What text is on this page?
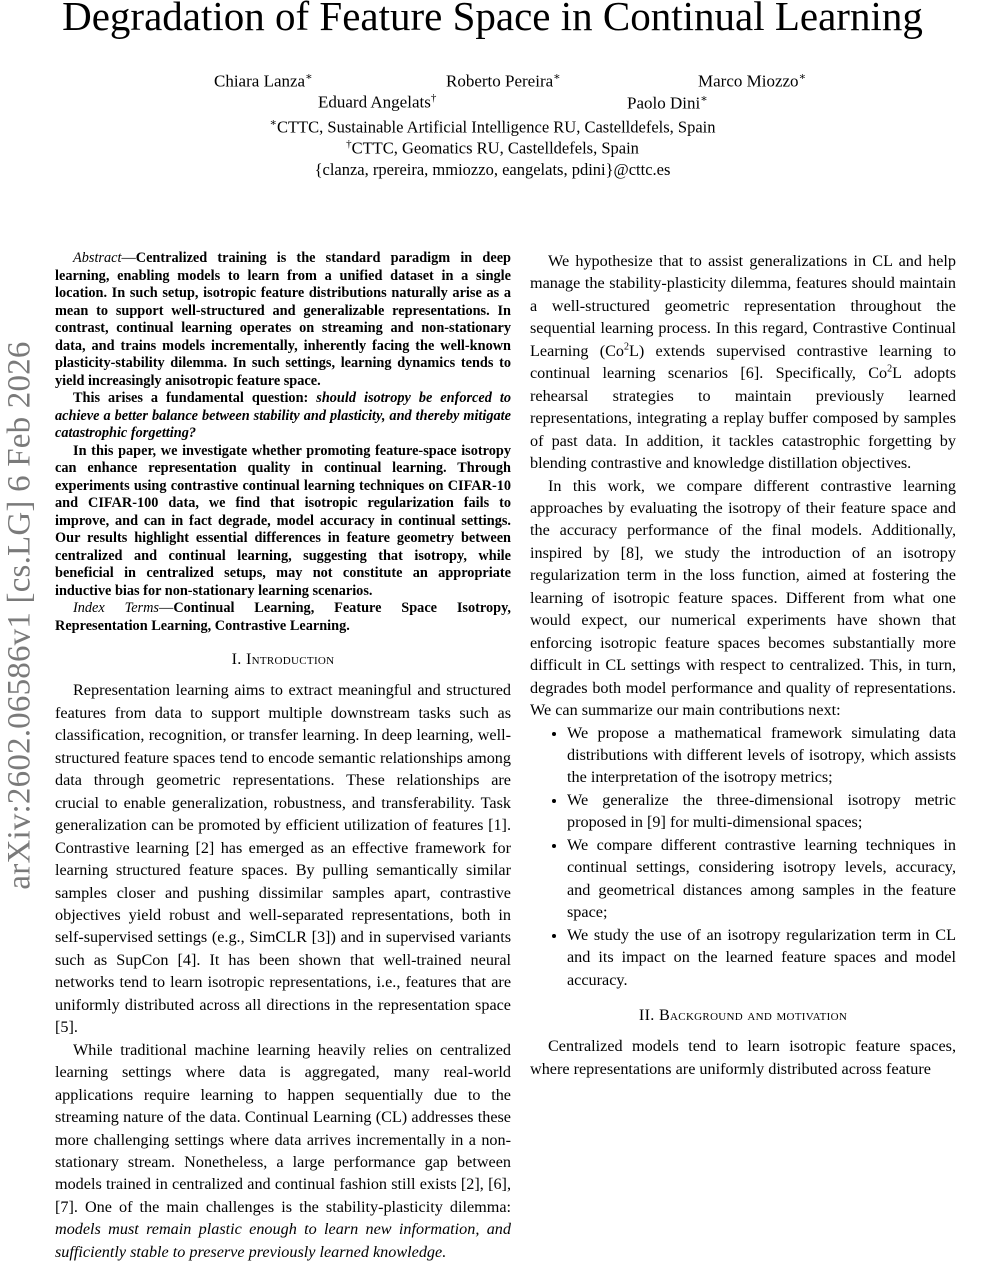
arXiv:2602.06586v1 [cs.LG] 6 Feb 2026
Degradation of Feature Space in Continual Learning
Chiara Lanza∗	Roberto Pereira∗	Marco Miozzo∗
Eduard Angelats†	Paolo Dini∗
∗CTTC, Sustainable Artificial Intelligence RU, Castelldefels, Spain
†CTTC, Geomatics RU, Castelldefels, Spain
{clanza, rpereira, mmiozzo, eangelats, pdini}@cttc.es

Abstract—Centralized training is the standard paradigm in deep learning, enabling models to learn from a unified dataset in a single location. In such setup, isotropic feature distributions naturally arise as a mean to support well-structured and generalizable representations. In contrast, continual learning operates on streaming and non-stationary data, and trains models incrementally, inherently facing the well-known plasticity-stability dilemma. In such settings, learning dynamics tends to yield increasingly anisotropic feature space.

This arises a fundamental question: should isotropy be enforced to achieve a better balance between stability and plasticity, and thereby mitigate catastrophic forgetting?

In this paper, we investigate whether promoting feature-space isotropy can enhance representation quality in continual learning. Through experiments using contrastive continual learning techniques on CIFAR-10 and CIFAR-100 data, we find that isotropic regularization fails to improve, and can in fact degrade, model accuracy in continual settings. Our results highlight essential differences in feature geometry between centralized and continual learning, suggesting that isotropy, while beneficial in centralized setups, may not constitute an appropriate inductive bias for non-stationary learning scenarios.

Index Terms—Continual Learning, Feature Space Isotropy, Representation Learning, Contrastive Learning.

I. Introduction

Representation learning aims to extract meaningful and structured features from data to support multiple downstream tasks such as classification, recognition, or transfer learning. In deep learning, well-structured feature spaces tend to encode semantic relationships among data through geometric representations. These relationships are crucial to enable generalization, robustness, and transferability. Task generalization can be promoted by efficient utilization of features [1]. Contrastive learning [2] has emerged as an effective framework for learning structured feature spaces. By pulling semantically similar samples closer and pushing dissimilar samples apart, contrastive objectives yield robust and well-separated representations, both in self-supervised settings (e.g., SimCLR [3]) and in supervised variants such as SupCon [4]. It has been shown that well-trained neural networks tend to learn isotropic representations, i.e., features that are uniformly distributed across all directions in the representation space [5].

While traditional machine learning heavily relies on centralized learning settings where data is aggregated, many real-world applications require learning to happen sequentially due to the streaming nature of the data. Continual Learning (CL) addresses these more challenging settings where data arrives incrementally in a non-stationary stream. Nonetheless, a large performance gap between models trained in centralized and continual fashion still exists [2], [6], [7]. One of the main challenges is the stability-plasticity dilemma: models must remain plastic enough to learn new information, and sufficiently stable to preserve previously learned knowledge.

We hypothesize that to assist generalizations in CL and help manage the stability-plasticity dilemma, features should maintain a well-structured geometric representation throughout the sequential learning process. In this regard, Contrastive Continual Learning (Co$^2$L) extends supervised contrastive learning to continual learning scenarios [6]. Specifically, Co$^2$L adopts rehearsal strategies to maintain previously learned representations, integrating a replay buffer composed by samples of past data. In addition, it tackles catastrophic forgetting by blending contrastive and knowledge distillation objectives.

In this work, we compare different contrastive learning approaches by evaluating the isotropy of their feature space and the accuracy performance of the final models. Additionally, inspired by [8], we study the introduction of an isotropy regularization term in the loss function, aimed at fostering the learning of isotropic feature spaces. Different from what one would expect, our numerical experiments have shown that enforcing isotropic feature spaces becomes substantially more difficult in CL settings with respect to centralized. This, in turn, degrades both model performance and quality of representations. We can summarize our main contributions next:

• We propose a mathematical framework simulating data distributions with different levels of isotropy, which assists the interpretation of the isotropy metrics;
• We generalize the three-dimensional isotropy metric proposed in [9] for multi-dimensional spaces;
• We compare different contrastive learning techniques in continual settings, considering isotropy levels, accuracy, and geometrical distances among samples in the feature space;
• We study the use of an isotropy regularization term in CL and its impact on the learned feature spaces and model accuracy.
II. Background and motivation

Centralized models tend to learn isotropic feature spaces, where representations are uniformly distributed across feature
